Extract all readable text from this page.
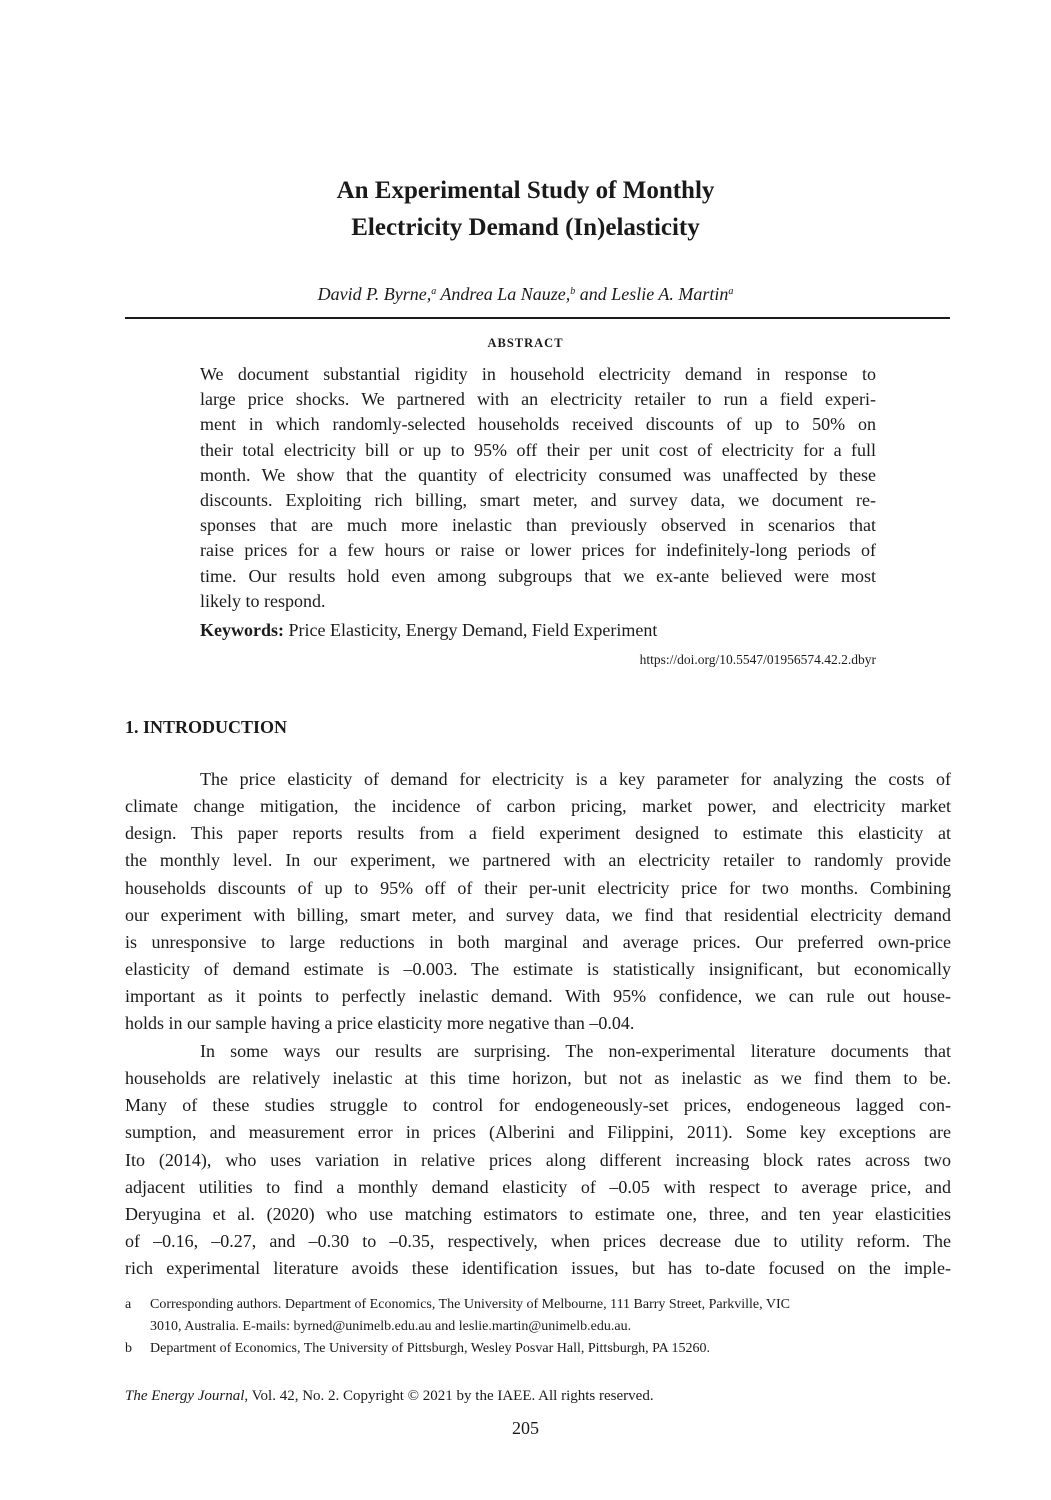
An Experimental Study of Monthly
Electricity Demand (In)elasticity
David P. Byrne,$^a$ Andrea La Nauze,$^b$ and Leslie A. Martin$^a$
ABSTRACT
We document substantial rigidity in household electricity demand in response to
large price shocks. We partnered with an electricity retailer to run a field experi-
ment in which randomly-selected households received discounts of up to 50% on
their total electricity bill or up to 95% off their per unit cost of electricity for a full
month. We show that the quantity of electricity consumed was unaffected by these
discounts. Exploiting rich billing, smart meter, and survey data, we document re-
sponses that are much more inelastic than previously observed in scenarios that
raise prices for a few hours or raise or lower prices for indefinitely-long periods of
time. Our results hold even among subgroups that we ex-ante believed were most
likely to respond.
Keywords: Price Elasticity, Energy Demand, Field Experiment
https://doi.org/10.5547/01956574.42.2.dbyr
1. INTRODUCTION
The price elasticity of demand for electricity is a key parameter for analyzing the costs of
climate change mitigation, the incidence of carbon pricing, market power, and electricity market
design. This paper reports results from a field experiment designed to estimate this elasticity at
the monthly level. In our experiment, we partnered with an electricity retailer to randomly provide
households discounts of up to 95% off of their per-unit electricity price for two months. Combining
our experiment with billing, smart meter, and survey data, we find that residential electricity demand
is unresponsive to large reductions in both marginal and average prices. Our preferred own-price
elasticity of demand estimate is –0.003. The estimate is statistically insignificant, but economically
important as it points to perfectly inelastic demand. With 95% confidence, we can rule out house-
holds in our sample having a price elasticity more negative than –0.04.
In some ways our results are surprising. The non-experimental literature documents that
households are relatively inelastic at this time horizon, but not as inelastic as we find them to be.
Many of these studies struggle to control for endogeneously-set prices, endogeneous lagged con-
sumption, and measurement error in prices (Alberini and Filippini, 2011). Some key exceptions are
Ito (2014), who uses variation in relative prices along different increasing block rates across two
adjacent utilities to find a monthly demand elasticity of –0.05 with respect to average price, and
Deryugina et al. (2020) who use matching estimators to estimate one, three, and ten year elasticities
of –0.16, –0.27, and –0.30 to –0.35, respectively, when prices decrease due to utility reform. The
rich experimental literature avoids these identification issues, but has to-date focused on the imple-
a Corresponding authors. Department of Economics, The University of Melbourne, 111 Barry Street, Parkville, VIC
3010, Australia. E-mails: byrned@unimelb.edu.au and leslie.martin@unimelb.edu.au.
b Department of Economics, The University of Pittsburgh, Wesley Posvar Hall, Pittsburgh, PA 15260.
The Energy Journal, Vol. 42, No. 2. Copyright © 2021 by the IAEE. All rights reserved.
205
